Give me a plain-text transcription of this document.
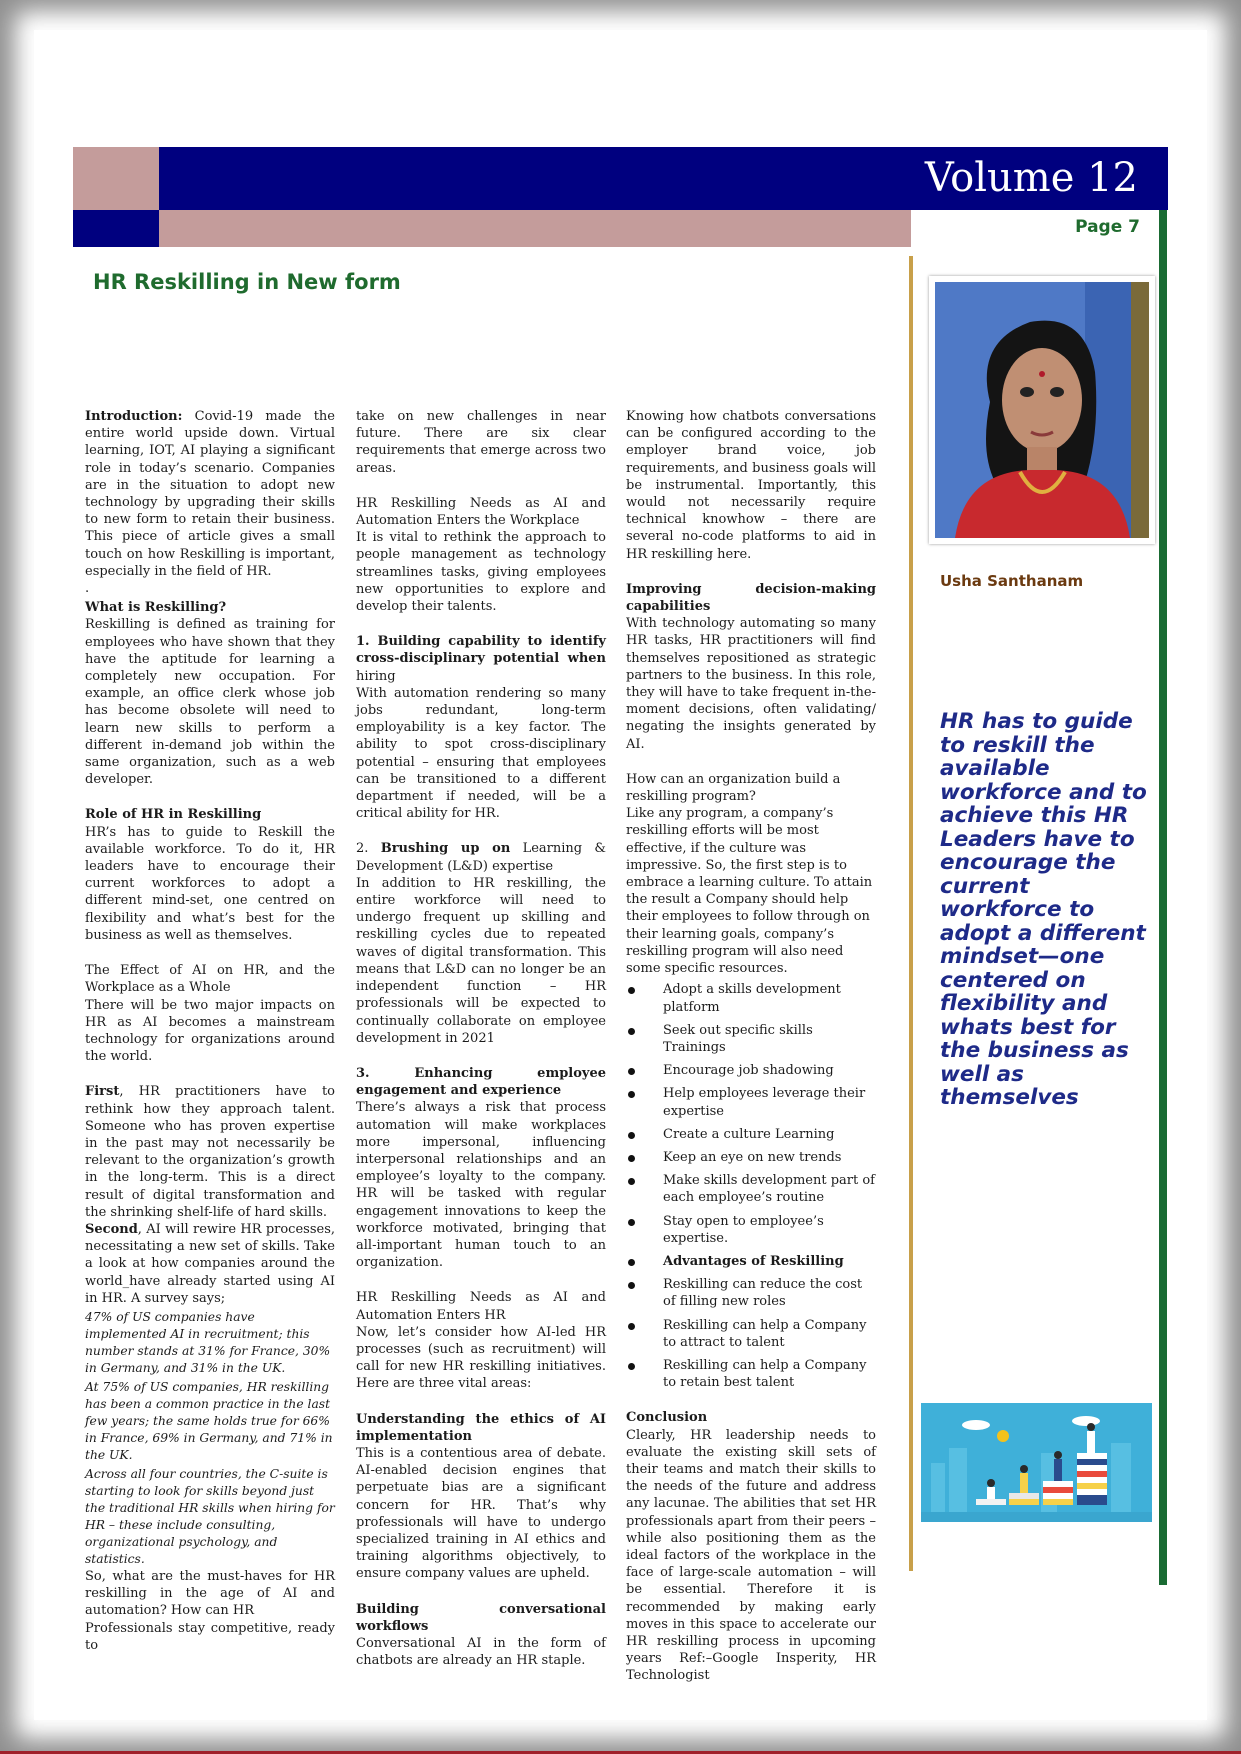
Volume 12
Page 7
HR Reskilling in New form

Introduction: Covid-19 made the entire world upside down. Virtual learning, IOT, AI playing a significant role in today’s scenario. Companies are in the situation to adopt new technology by upgrading their skills to new form to retain their business. This piece of article gives a small touch on how Reskilling is important, especially in the field of HR.

.

What is Reskilling?

Reskilling is defined as training for employees who have shown that they have the aptitude for learning a completely new occupation. For example, an office clerk whose job has become obsolete will need to learn new skills to perform a different in-demand job within the same organization, such as a web developer.

Role of HR in Reskilling

HR’s has to guide to Reskill the available workforce. To do it, HR leaders have to encourage their current workforces to adopt a different mind-set, one centred on flexibility and what’s best for the business as well as themselves.

The Effect of AI on HR, and the Workplace as a Whole

There will be two major impacts on HR as AI becomes a mainstream technology for organizations around the world.

First, HR practitioners have to rethink how they approach talent. Someone who has proven expertise in the past may not necessarily be relevant to the organization’s growth in the long-term. This is a direct result of digital transformation and the shrinking shelf-life of hard skills.

Second, AI will rewire HR processes, necessitating a new set of skills. Take a look at how companies around the world_have already started using AI in HR. A survey says;

47% of US companies have implemented AI in recruitment; this number stands at 31% for France, 30% in Germany, and 31% in the UK.

At 75% of US companies, HR reskilling has been a common practice in the last few years; the same holds true for 66% in France, 69% in Germany, and 71% in the UK.

Across all four countries, the C-suite is starting to look for skills beyond just the traditional HR skills when hiring for HR – these include consulting, organizational psychology, and statistics.

So, what are the must-haves for HR reskilling in the age of AI and automation? How can HR

Professionals stay competitive, ready to

take on new challenges in near future. There are six clear requirements that emerge across two areas.

HR Reskilling Needs as AI and Automation Enters the Workplace

It is vital to rethink the approach to people management as technology streamlines tasks, giving employees new opportunities to explore and develop their talents.

1. Building capability to identify cross-disciplinary potential when hiring

With automation rendering so many jobs redundant, long-term employability is a key factor. The ability to spot cross-disciplinary potential – ensuring that employees can be transitioned to a different department if needed, will be a critical ability for HR.

2. Brushing up on Learning & Development (L&D) expertise

In addition to HR reskilling, the entire workforce will need to undergo frequent up skilling and reskilling cycles due to repeated waves of digital transformation. This means that L&D can no longer be an independent function – HR professionals will be expected to continually collaborate on employee development in 2021

3. Enhancing employee engagement and experience

There’s always a risk that process automation will make workplaces more impersonal, influencing interpersonal relationships and an employee’s loyalty to the company. HR will be tasked with regular engagement innovations to keep the workforce motivated, bringing that all-important human touch to an organization.

HR Reskilling Needs as AI and Automation Enters HR

Now, let’s consider how AI-led HR processes (such as recruitment) will call for new HR reskilling initiatives. Here are three vital areas:

Understanding the ethics of AI implementation

This is a contentious area of debate. AI-enabled decision engines that perpetuate bias are a significant concern for HR. That’s why professionals will have to undergo specialized training in AI ethics and training algorithms objectively, to ensure company values are upheld.

Building conversational workflows

Conversational AI in the form of chatbots are already an HR staple.

Knowing how chatbots conversations can be configured according to the employer brand voice, job requirements, and business goals will be instrumental. Importantly, this would not necessarily require technical knowhow – there are several no-code platforms to aid in HR reskilling here.

Improving decision-making capabilities

With technology automating so many HR tasks, HR practitioners will find themselves repositioned as strategic partners to the business. In this role, they will have to take frequent in-the-moment decisions, often validating/ negating the insights generated by AI.

How can an organization build a reskilling program?

Like any program, a company’s reskilling efforts will be most effective, if the culture was impressive. So, the first step is to embrace a learning culture. To attain the result a Company should help their employees to follow through on their learning goals, company’s reskilling program will also need some specific resources.

Adopt a skills development platform
Seek out specific skills Trainings
Encourage job shadowing
Help employees leverage their expertise
Create a culture Learning
Keep an eye on new trends
Make skills development part of each employee’s routine
Stay open to employee’s expertise.
Advantages of Reskilling
Reskilling can reduce the cost of filling new roles
Reskilling can help a Company to attract to talent
Reskilling can help a Company to retain best talent

Conclusion

Clearly, HR leadership needs to evaluate the existing skill sets of their teams and match their skills to the needs of the future and address any lacunae. The abilities that set HR professionals apart from their peers – while also positioning them as the ideal factors of the workplace in the face of large-scale automation – will be essential. Therefore it is recommended by making early moves in this space to accelerate our HR reskilling process in upcoming years Ref:–Google Insperity, HR Technologist

Usha Santhanam
HR has to guide to reskill the available workforce and to achieve this HR Leaders have to encourage the current workforce to adopt a different mindset—one centered on flexibility and whats best for the business as well as themselves
